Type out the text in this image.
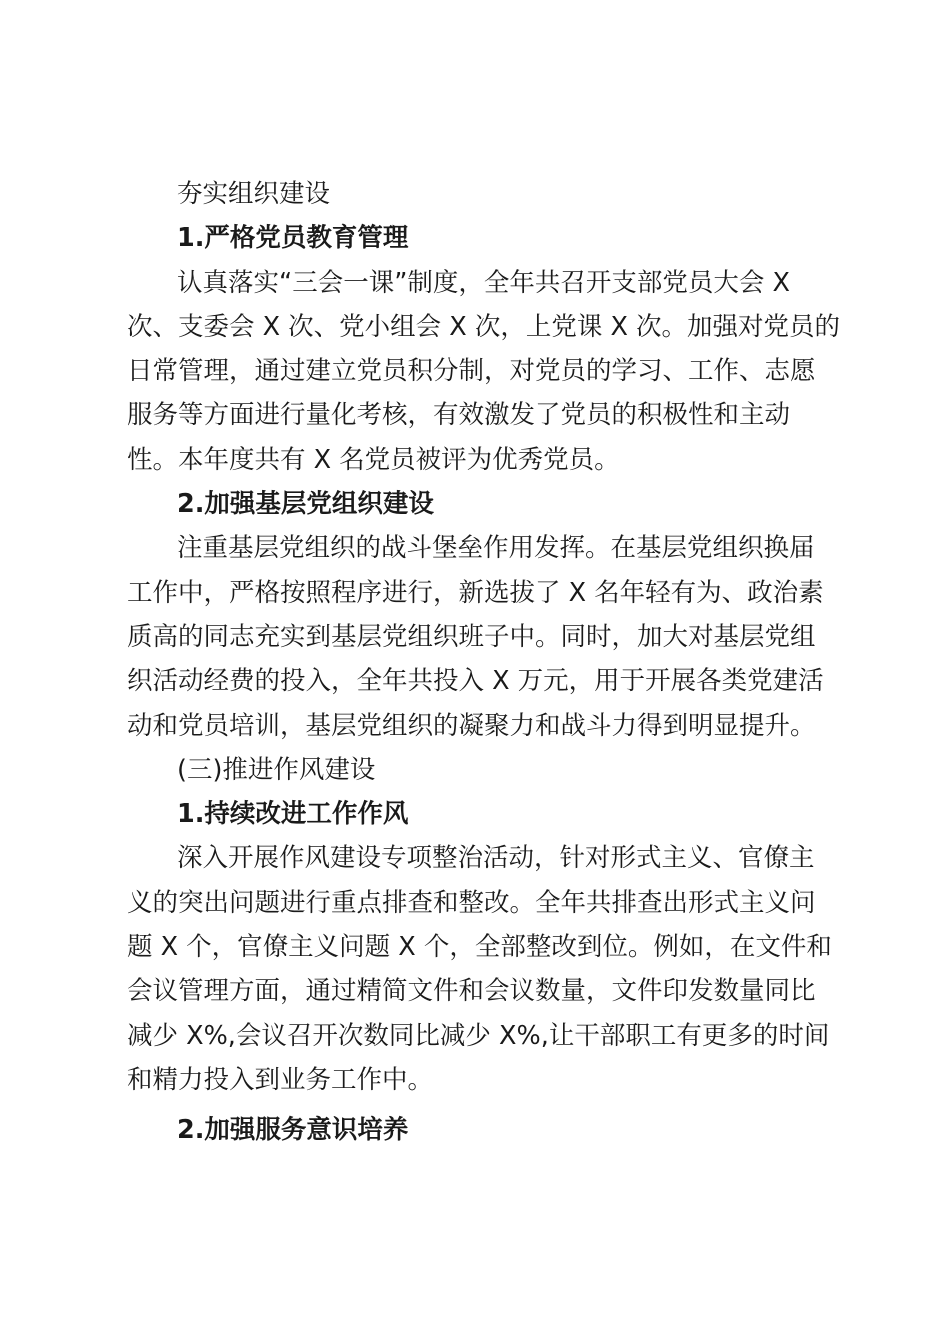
夯实组织建设

1.严格党员教育管理

认真落实“三会一课”制度，全年共召开支部党员大会 X

次、支委会 X 次、党小组会 X 次，上党课 X 次。加强对党员的

日常管理，通过建立党员积分制，对党员的学习、工作、志愿

服务等方面进行量化考核，有效激发了党员的积极性和主动

性。本年度共有 X 名党员被评为优秀党员。

2.加强基层党组织建设

注重基层党组织的战斗堡垒作用发挥。在基层党组织换届

工作中，严格按照程序进行，新选拔了 X 名年轻有为、政治素

质高的同志充实到基层党组织班子中。同时，加大对基层党组

织活动经费的投入，全年共投入 X 万元，用于开展各类党建活

动和党员培训，基层党组织的凝聚力和战斗力得到明显提升。

(三)推进作风建设

1.持续改进工作作风

深入开展作风建设专项整治活动，针对形式主义、官僚主

义的突出问题进行重点排查和整改。全年共排查出形式主义问

题 X 个，官僚主义问题 X 个，全部整改到位。例如，在文件和

会议管理方面，通过精简文件和会议数量，文件印发数量同比

减少 X%,会议召开次数同比减少 X%,让干部职工有更多的时间

和精力投入到业务工作中。

2.加强服务意识培养
